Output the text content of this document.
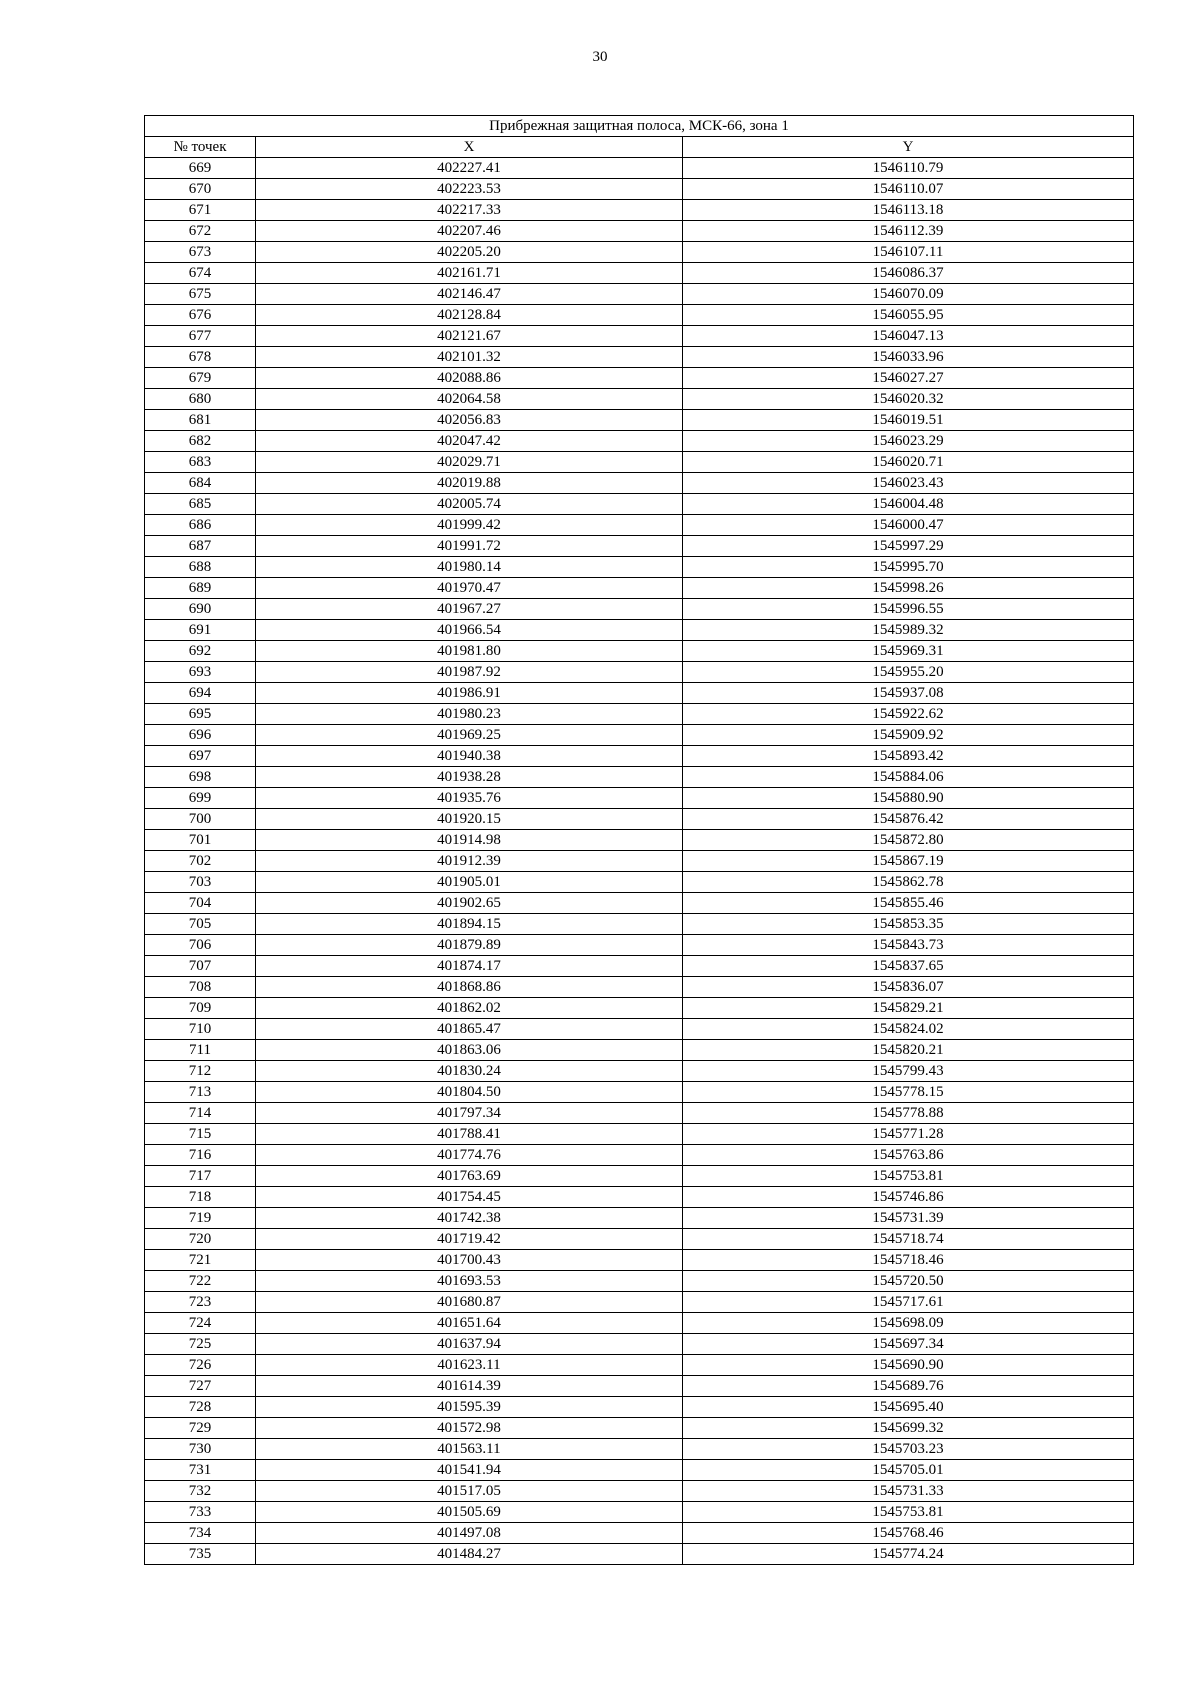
30
Прибрежная защитная полоса, МСК-66, зона 1		
№ точек	X	Y
669	402227.41	1546110.79
670	402223.53	1546110.07
671	402217.33	1546113.18
672	402207.46	1546112.39
673	402205.20	1546107.11
674	402161.71	1546086.37
675	402146.47	1546070.09
676	402128.84	1546055.95
677	402121.67	1546047.13
678	402101.32	1546033.96
679	402088.86	1546027.27
680	402064.58	1546020.32
681	402056.83	1546019.51
682	402047.42	1546023.29
683	402029.71	1546020.71
684	402019.88	1546023.43
685	402005.74	1546004.48
686	401999.42	1546000.47
687	401991.72	1545997.29
688	401980.14	1545995.70
689	401970.47	1545998.26
690	401967.27	1545996.55
691	401966.54	1545989.32
692	401981.80	1545969.31
693	401987.92	1545955.20
694	401986.91	1545937.08
695	401980.23	1545922.62
696	401969.25	1545909.92
697	401940.38	1545893.42
698	401938.28	1545884.06
699	401935.76	1545880.90
700	401920.15	1545876.42
701	401914.98	1545872.80
702	401912.39	1545867.19
703	401905.01	1545862.78
704	401902.65	1545855.46
705	401894.15	1545853.35
706	401879.89	1545843.73
707	401874.17	1545837.65
708	401868.86	1545836.07
709	401862.02	1545829.21
710	401865.47	1545824.02
711	401863.06	1545820.21
712	401830.24	1545799.43
713	401804.50	1545778.15
714	401797.34	1545778.88
715	401788.41	1545771.28
716	401774.76	1545763.86
717	401763.69	1545753.81
718	401754.45	1545746.86
719	401742.38	1545731.39
720	401719.42	1545718.74
721	401700.43	1545718.46
722	401693.53	1545720.50
723	401680.87	1545717.61
724	401651.64	1545698.09
725	401637.94	1545697.34
726	401623.11	1545690.90
727	401614.39	1545689.76
728	401595.39	1545695.40
729	401572.98	1545699.32
730	401563.11	1545703.23
731	401541.94	1545705.01
732	401517.05	1545731.33
733	401505.69	1545753.81
734	401497.08	1545768.46
735	401484.27	1545774.24
